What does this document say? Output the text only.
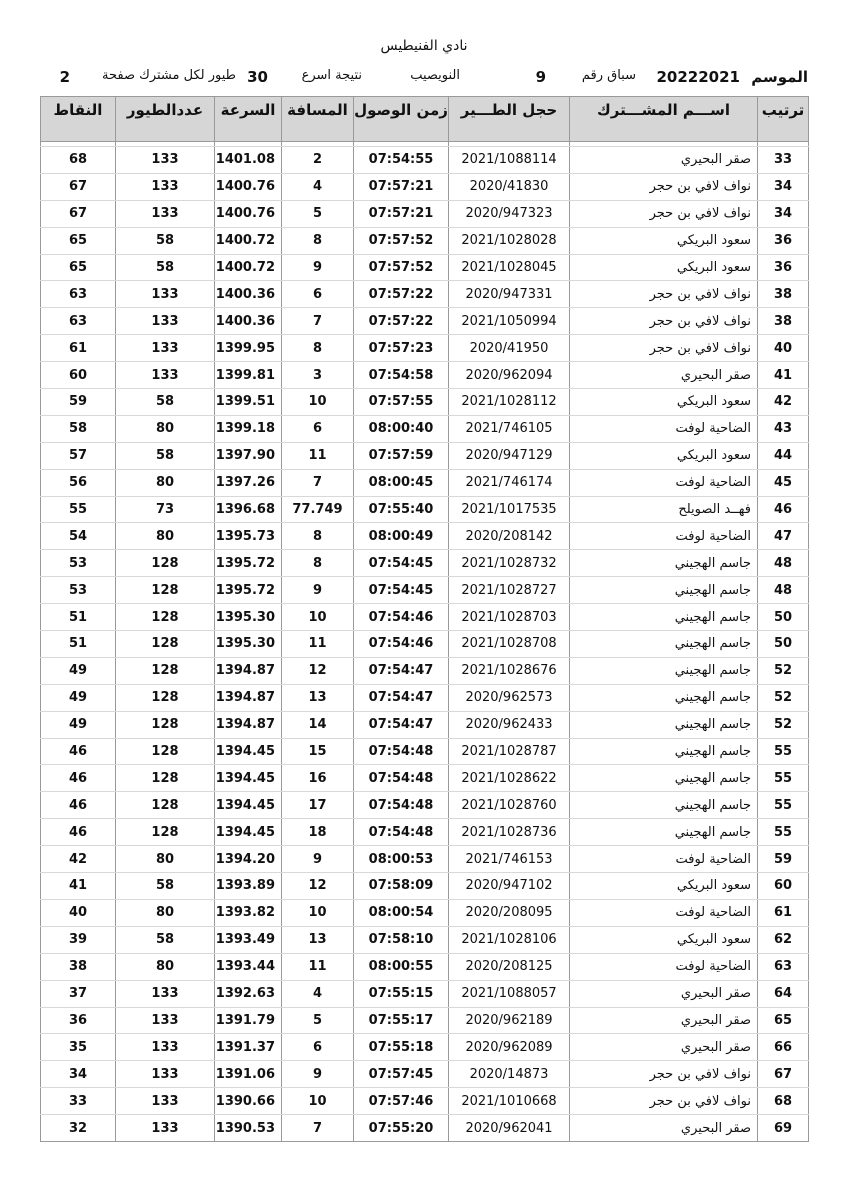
نادي الفنيطيس
الموسم
20222021
سباق رقم
9
النويصيب
نتيجة اسرع
30
طيور لكل مشترك صفحة
2
ترتيب	اســـم المشـــترك	حجل الطـــير	زمن الوصول	المسافة	السرعة	عددالطيور	النقاط

33	صقر البحيري	2021/1088114	07:54:55	2	1401.08	133	68
34	نواف لافي بن حجر	2020/41830	07:57:21	4	1400.76	133	67
34	نواف لافي بن حجر	2020/947323	07:57:21	5	1400.76	133	67
36	سعود البريكي	2021/1028028	07:57:52	8	1400.72	58	65
36	سعود البريكي	2021/1028045	07:57:52	9	1400.72	58	65
38	نواف لافي بن حجر	2020/947331	07:57:22	6	1400.36	133	63
38	نواف لافي بن حجر	2021/1050994	07:57:22	7	1400.36	133	63
40	نواف لافي بن حجر	2020/41950	07:57:23	8	1399.95	133	61
41	صقر البحيري	2020/962094	07:54:58	3	1399.81	133	60
42	سعود البريكي	2021/1028112	07:57:55	10	1399.51	58	59
43	الضاحية لوفت	2021/746105	08:00:40	6	1399.18	80	58
44	سعود البريكي	2020/947129	07:57:59	11	1397.90	58	57
45	الضاحية لوفت	2021/746174	08:00:45	7	1397.26	80	56
46	فهــد الصويلح	2021/1017535	07:55:40	77.749	1396.68	73	55
47	الضاحية لوفت	2020/208142	08:00:49	8	1395.73	80	54
48	جاسم الهجيني	2021/1028732	07:54:45	8	1395.72	128	53
48	جاسم الهجيني	2021/1028727	07:54:45	9	1395.72	128	53
50	جاسم الهجيني	2021/1028703	07:54:46	10	1395.30	128	51
50	جاسم الهجيني	2021/1028708	07:54:46	11	1395.30	128	51
52	جاسم الهجيني	2021/1028676	07:54:47	12	1394.87	128	49
52	جاسم الهجيني	2020/962573	07:54:47	13	1394.87	128	49
52	جاسم الهجيني	2020/962433	07:54:47	14	1394.87	128	49
55	جاسم الهجيني	2021/1028787	07:54:48	15	1394.45	128	46
55	جاسم الهجيني	2021/1028622	07:54:48	16	1394.45	128	46
55	جاسم الهجيني	2021/1028760	07:54:48	17	1394.45	128	46
55	جاسم الهجيني	2021/1028736	07:54:48	18	1394.45	128	46
59	الضاحية لوفت	2021/746153	08:00:53	9	1394.20	80	42
60	سعود البريكي	2020/947102	07:58:09	12	1393.89	58	41
61	الضاحية لوفت	2020/208095	08:00:54	10	1393.82	80	40
62	سعود البريكي	2021/1028106	07:58:10	13	1393.49	58	39
63	الضاحية لوفت	2020/208125	08:00:55	11	1393.44	80	38
64	صقر البحيري	2021/1088057	07:55:15	4	1392.63	133	37
65	صقر البحيري	2020/962189	07:55:17	5	1391.79	133	36
66	صقر البحيري	2020/962089	07:55:18	6	1391.37	133	35
67	نواف لافي بن حجر	2020/14873	07:57:45	9	1391.06	133	34
68	نواف لافي بن حجر	2021/1010668	07:57:46	10	1390.66	133	33
69	صقر البحيري	2020/962041	07:55:20	7	1390.53	133	32
